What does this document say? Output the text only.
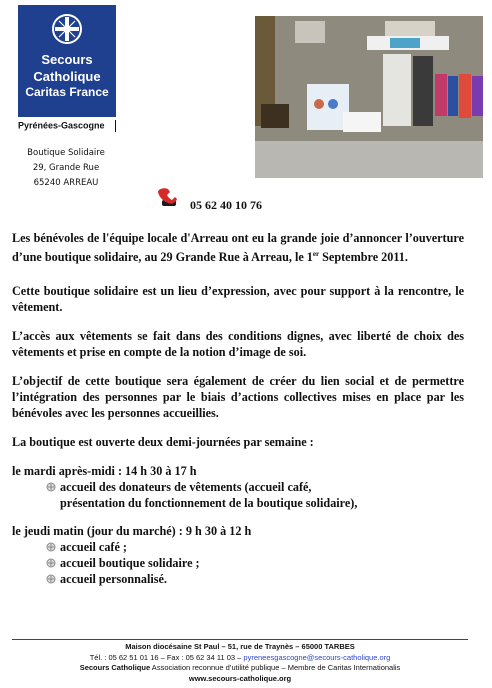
Secours
Catholique
Caritas France
Pyrénées-Gascogne
Boutique Solidaire
29, Grande Rue
65240 ARREAU
05 62 40 10 76

Les bénévoles de l'équipe locale d'Arreau ont eu la grande joie d’annoncer l’ouverture d’une boutique solidaire, au 29 Grande Rue à Arreau, le 1er Septembre 2011.

Cette boutique solidaire est un lieu d’expression, avec pour support à la rencontre, le vêtement.

L’accès aux vêtements se fait dans des conditions dignes, avec liberté de choix des vêtements et prise en compte de la notion d’image de soi.

L’objectif de cette boutique sera également de créer du lien social et de permettre l’intégration des personnes par le biais d’actions collectives mises en place par les bénévoles avec les personnes accueillies.

La boutique est ouverte deux demi-journées par semaine :

le mardi après-midi : 14 h 30 à 17 h

accueil des donateurs de vêtements (accueil café,
présentation du fonctionnement de la boutique solidaire),

le jeudi matin (jour du marché) : 9 h 30 à 12 h

accueil café ;
accueil boutique solidaire ;
accueil personnalisé.
Maison diocésaine St Paul – 51, rue de Traynès – 65000 TARBES
Tél. : 05 62 51 01 16 – Fax : 05 62 34 11 03 – pyreneesgascogne@secours-catholique.org
Secours Catholique Association reconnue d’utilité publique – Membre de Caritas Internationalis
www.secours-catholique.org
